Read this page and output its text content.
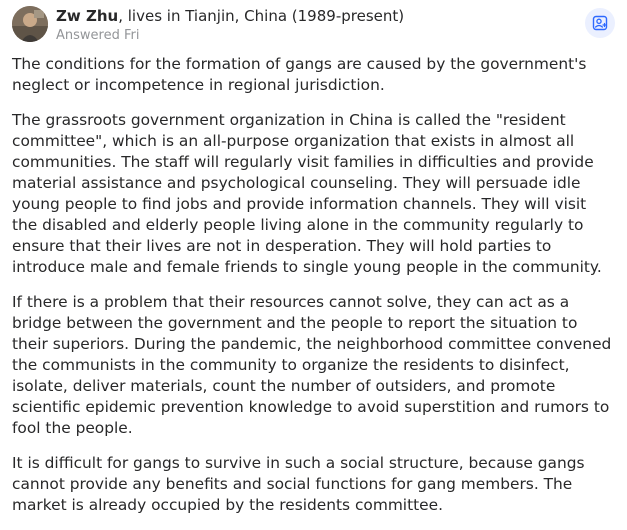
Zw Zhu, lives in Tianjin, China (1989-present)
Answered Fri

The conditions for the formation of gangs are caused by the government's neglect or incompetence in regional jurisdiction.

The grassroots government organization in China is called the "resident committee", which is an all-purpose organization that exists in almost all communities. The staff will regularly visit families in difficulties and provide material assistance and psychological counseling. They will persuade idle young people to find jobs and provide information channels. They will visit the disabled and elderly people living alone in the community regularly to ensure that their lives are not in desperation. They will hold parties to introduce male and female friends to single young people in the community.

If there is a problem that their resources cannot solve, they can act as a bridge between the government and the people to report the situation to their superiors. During the pandemic, the neighborhood committee convened the communists in the community to organize the residents to disinfect, isolate, deliver materials, count the number of outsiders, and promote scientific epidemic prevention knowledge to avoid superstition and rumors to fool the people.

It is difficult for gangs to survive in such a social structure, because gangs cannot provide any benefits and social functions for gang members. The market is already occupied by the residents committee.
